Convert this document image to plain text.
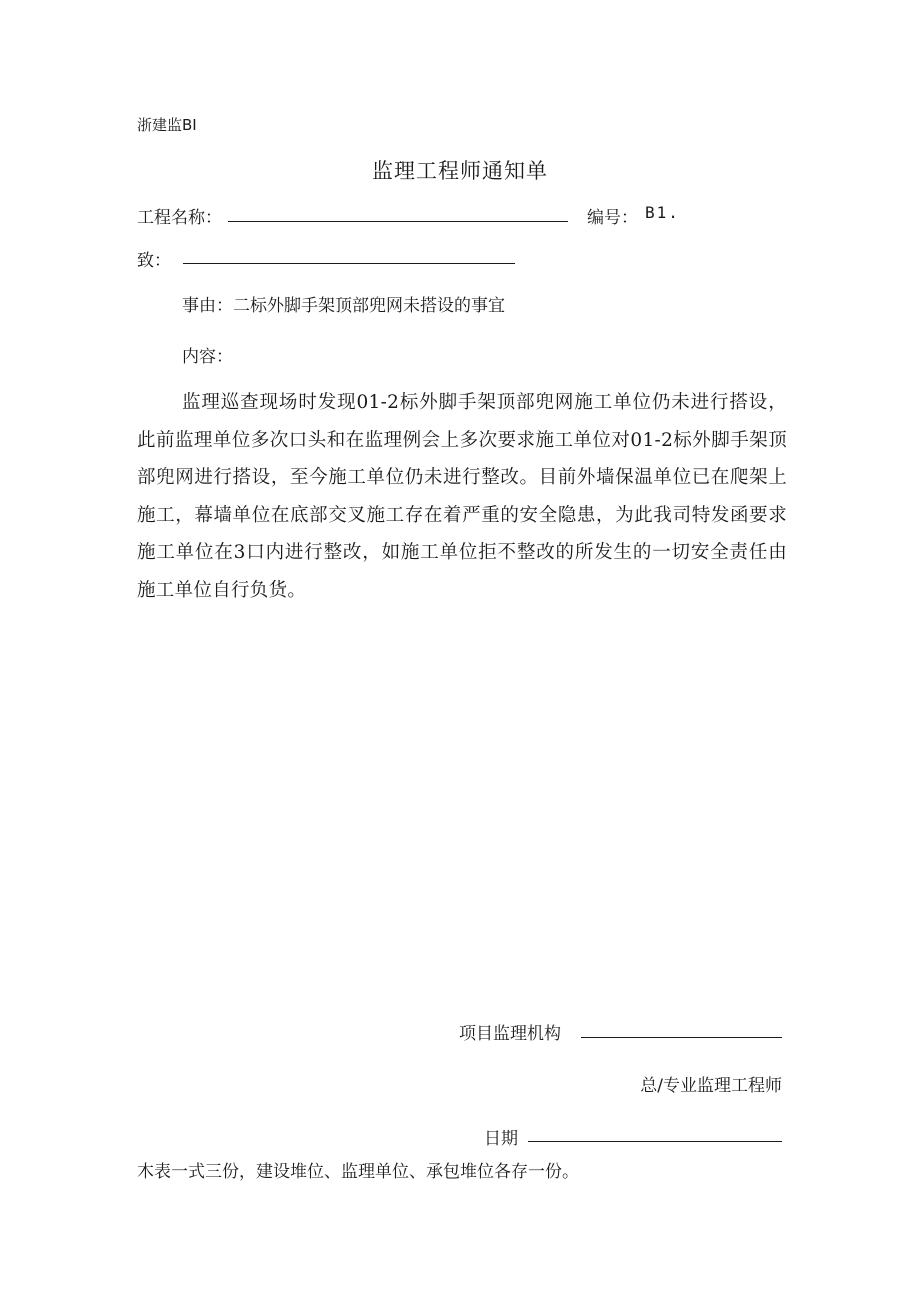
浙建监BI
监理工程师通知单
工程名称：	编号： B1.
致：
事由：二标外脚手架顶部兜网未搭设的事宜
内容：
监理巡查现场时发现01-2标外脚手架顶部兜网施工单位仍未进行搭设，此前监理单位多次口头和在监理例会上多次要求施工单位对01-2标外脚手架顶部兜网进行搭设，至今施工单位仍未进行整改。目前外墙保温单位已在爬架上施工，幕墙单位在底部交叉施工存在着严重的安全隐患，为此我司特发函要求施工单位在3口内进行整改，如施工单位拒不整改的所发生的一切安全责任由施工单位自行负货。
项目监理机构
总/专业监理工程师
日期
木表一式三份，建设堆位、监理单位、承包堆位各存一份。
